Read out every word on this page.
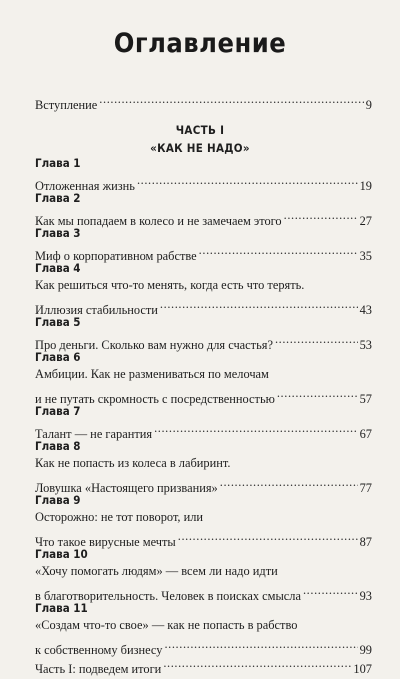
Оглавление
Вступление .....	9
ЧАСТЬ I
«КАК НЕ НАДО»
Глава 1
Отложенная жизнь .....	19
Глава 2
Как мы попадаем в колесо и не замечаем этого .....	27
Глава 3
Миф о корпоративном рабстве .....	35
Глава 4
Как решиться что-то менять, когда есть что терять.
Иллюзия стабильности .....	43
Глава 5
Про деньги. Сколько вам нужно для счастья? .....	53
Глава 6
Амбиции. Как не размениваться по мелочам
и не путать скромность с посредственностью .....	57
Глава 7
Талант — не гарантия .....	67
Глава 8
Как не попасть из колеса в лабиринт.
Ловушка «Настоящего призвания» .....	77
Глава 9
Осторожно: не тот поворот, или
Что такое вирусные мечты .....	87
Глава 10
«Хочу помогать людям» — всем ли надо идти
в благотворительность. Человек в поисках смысла .....	93
Глава 11
«Создам что-то свое» — как не попасть в рабство
к собственному бизнесу .....	99
Часть I: подведем итоги .....	107
